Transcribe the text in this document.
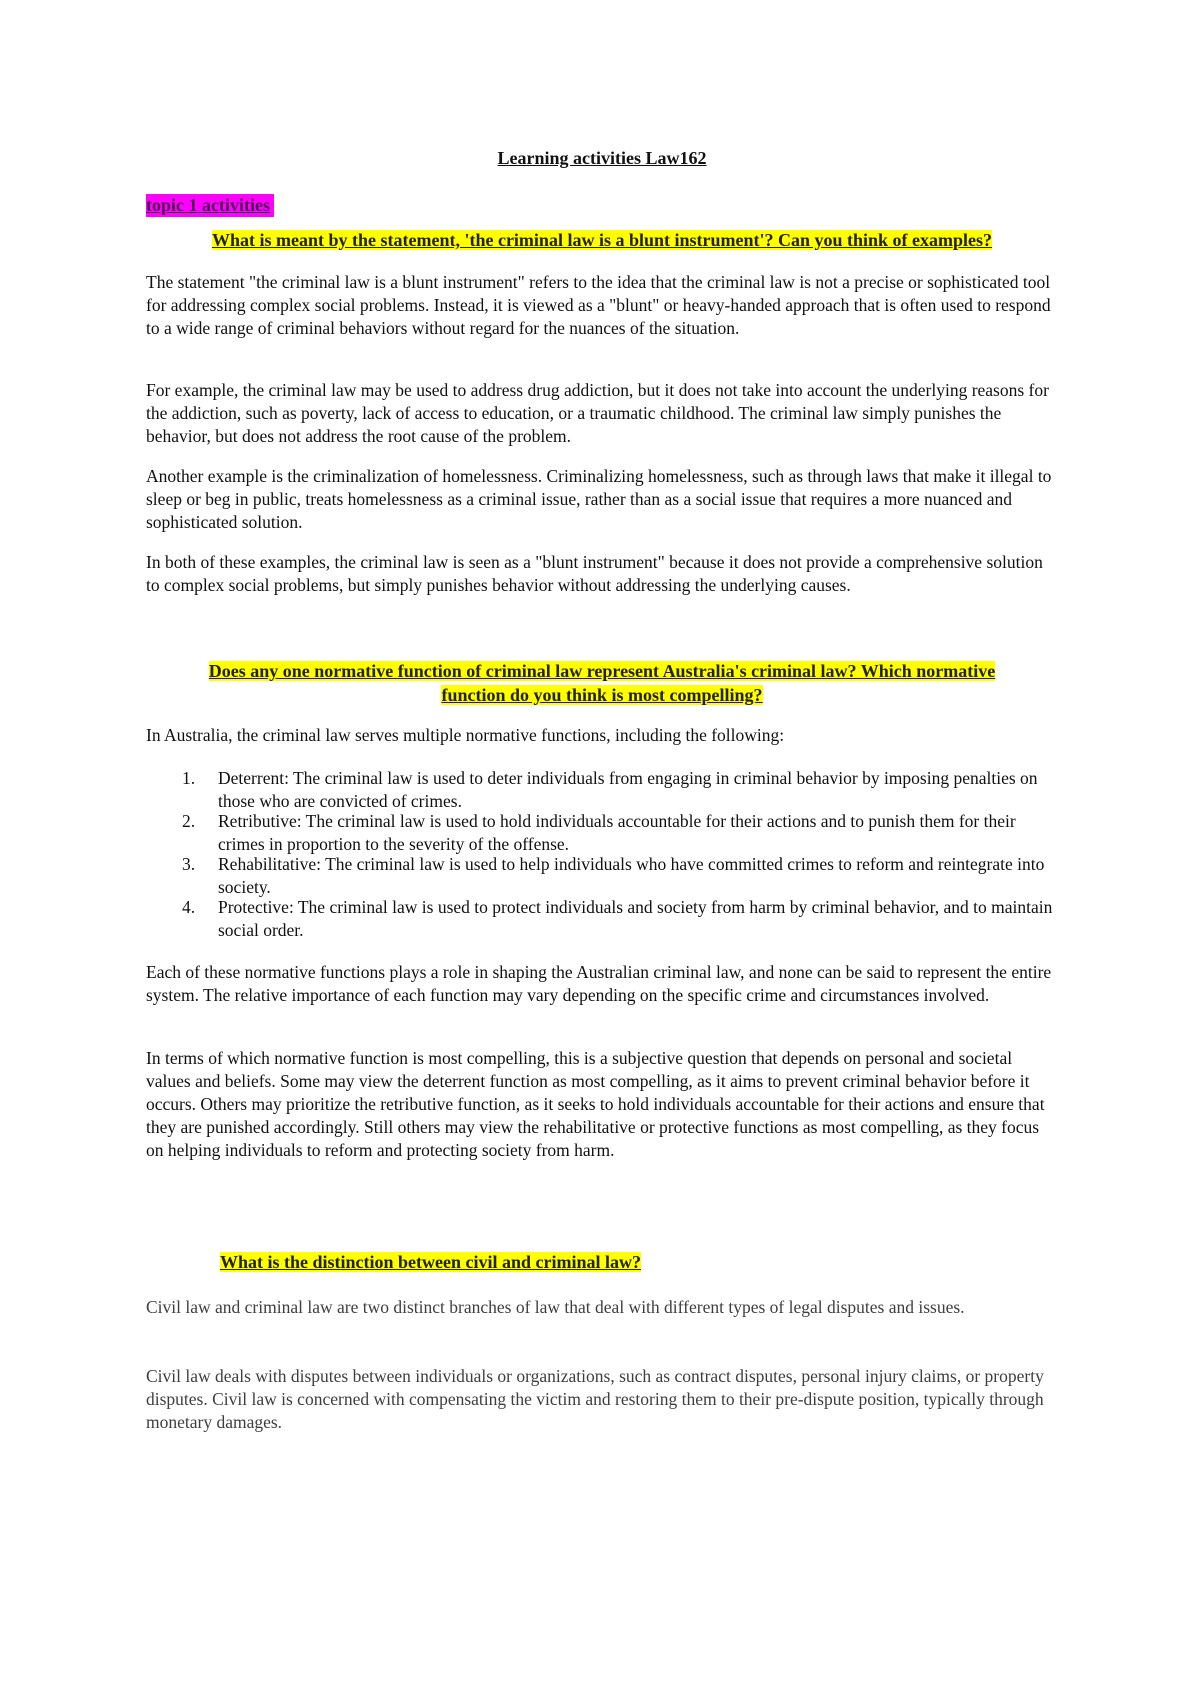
Learning activities Law162
topic 1 activities
What is meant by the statement, 'the criminal law is a blunt instrument'? Can you think of examples?

The statement "the criminal law is a blunt instrument" refers to the idea that the criminal law is not a precise or sophisticated tool for addressing complex social problems. Instead, it is viewed as a "blunt" or heavy-handed approach that is often used to respond to a wide range of criminal behaviors without regard for the nuances of the situation.

For example, the criminal law may be used to address drug addiction, but it does not take into account the underlying reasons for the addiction, such as poverty, lack of access to education, or a traumatic childhood. The criminal law simply punishes the behavior, but does not address the root cause of the problem.

Another example is the criminalization of homelessness. Criminalizing homelessness, such as through laws that make it illegal to sleep or beg in public, treats homelessness as a criminal issue, rather than as a social issue that requires a more nuanced and sophisticated solution.

In both of these examples, the criminal law is seen as a "blunt instrument" because it does not provide a comprehensive solution to complex social problems, but simply punishes behavior without addressing the underlying causes.

Does any one normative function of criminal law represent Australia's criminal law? Which normative
function do you think is most compelling?

In Australia, the criminal law serves multiple normative functions, including the following:

1. Deterrent: The criminal law is used to deter individuals from engaging in criminal behavior by imposing penalties on those who are convicted of crimes.
2. Retributive: The criminal law is used to hold individuals accountable for their actions and to punish them for their crimes in proportion to the severity of the offense.
3. Rehabilitative: The criminal law is used to help individuals who have committed crimes to reform and reintegrate into society.
4. Protective: The criminal law is used to protect individuals and society from harm by criminal behavior, and to maintain social order.

Each of these normative functions plays a role in shaping the Australian criminal law, and none can be said to represent the entire system. The relative importance of each function may vary depending on the specific crime and circumstances involved.

In terms of which normative function is most compelling, this is a subjective question that depends on personal and societal values and beliefs. Some may view the deterrent function as most compelling, as it aims to prevent criminal behavior before it occurs. Others may prioritize the retributive function, as it seeks to hold individuals accountable for their actions and ensure that they are punished accordingly. Still others may view the rehabilitative or protective functions as most compelling, as they focus on helping individuals to reform and protecting society from harm.

What is the distinction between civil and criminal law?

Civil law and criminal law are two distinct branches of law that deal with different types of legal disputes and issues.

Civil law deals with disputes between individuals or organizations, such as contract disputes, personal injury claims, or property disputes. Civil law is concerned with compensating the victim and restoring them to their pre-dispute position, typically through monetary damages.
